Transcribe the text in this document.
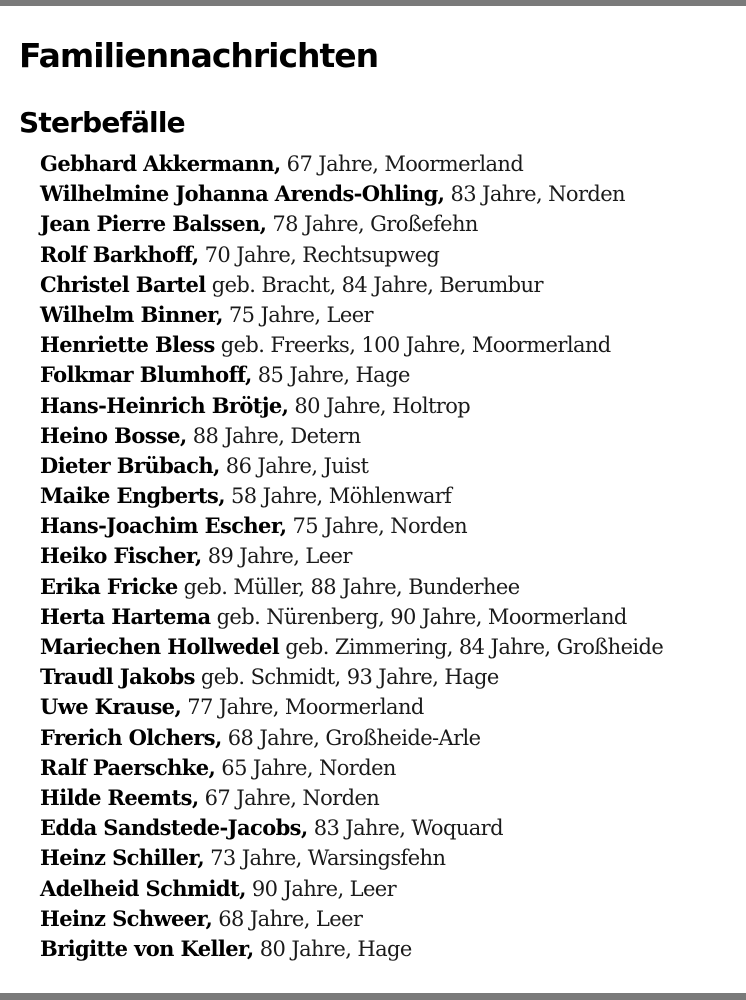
Familiennachrichten
Sterbefälle
Gebhard Akkermann, 67 Jahre, Moormerland
Wilhelmine Johanna Arends-Ohling, 83 Jahre, Norden
Jean Pierre Balssen, 78 Jahre, Großefehn
Rolf Barkhoff, 70 Jahre, Rechtsupweg
Christel Bartel geb. Bracht, 84 Jahre, Berumbur
Wilhelm Binner, 75 Jahre, Leer
Henriette Bless geb. Freerks, 100 Jahre, Moormerland
Folkmar Blumhoff, 85 Jahre, Hage
Hans-Heinrich Brötje, 80 Jahre, Holtrop
Heino Bosse, 88 Jahre, Detern
Dieter Brübach, 86 Jahre, Juist
Maike Engberts, 58 Jahre, Möhlenwarf
Hans-Joachim Escher, 75 Jahre, Norden
Heiko Fischer, 89 Jahre, Leer
Erika Fricke geb. Müller, 88 Jahre, Bunderhee
Herta Hartema geb. Nürenberg, 90 Jahre, Moormerland
Mariechen Hollwedel geb. Zimmering, 84 Jahre, Großheide
Traudl Jakobs geb. Schmidt, 93 Jahre, Hage
Uwe Krause, 77 Jahre, Moormerland
Frerich Olchers, 68 Jahre, Großheide-Arle
Ralf Paerschke, 65 Jahre, Norden
Hilde Reemts, 67 Jahre, Norden
Edda Sandstede-Jacobs, 83 Jahre, Woquard
Heinz Schiller, 73 Jahre, Warsingsfehn
Adelheid Schmidt, 90 Jahre, Leer
Heinz Schweer, 68 Jahre, Leer
Brigitte von Keller, 80 Jahre, Hage
